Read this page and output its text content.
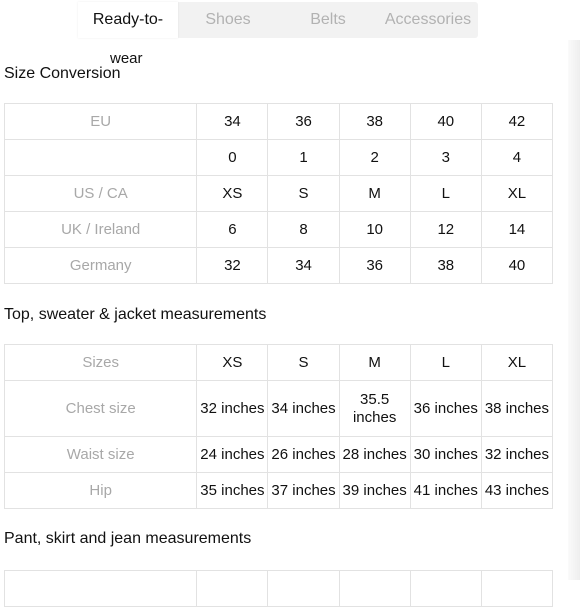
Ready-to-	Shoes	Belts Accessories
wear
Size Conversion
EU	34	36	38	40	42
	0	1	2	3	4
US / CA	XS	S	M	L	XL
UK / Ireland	6	8	10	12	14
Germany	32	34	36	38	40
Top, sweater & jacket measurements
Sizes	XS	S	M	L	XL
Chest size	32 inches	34 inches	35.5 inches	36 inches	38 inches
Waist size	24 inches	26 inches	28 inches	30 inches	32 inches
Hip	35 inches	37 inches	39 inches	41 inches	43 inches
Pant, skirt and jean measurements
